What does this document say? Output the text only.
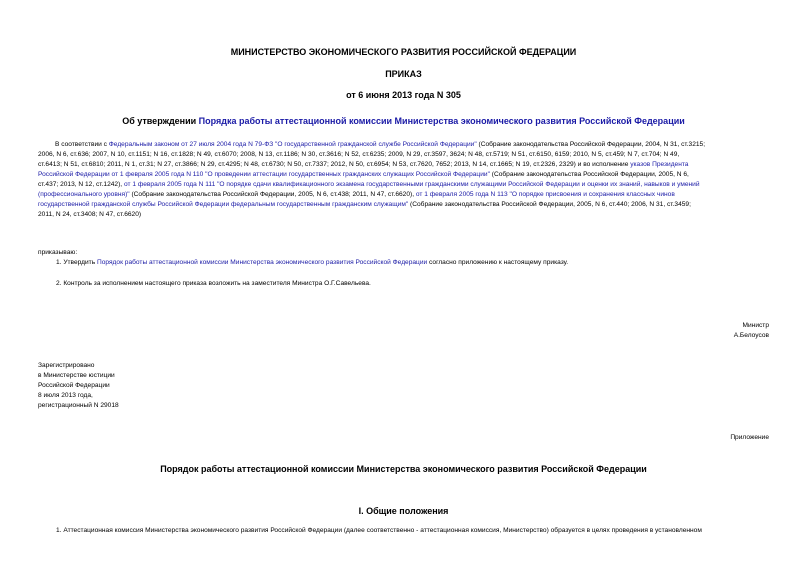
МИНИСТЕРСТВО ЭКОНОМИЧЕСКОГО РАЗВИТИЯ РОССИЙСКОЙ ФЕДЕРАЦИИ
ПРИКАЗ
от 6 июня 2013 года N 305
Об утверждении Порядка работы аттестационной комиссии Министерства экономического развития Российской Федерации
В соответствии с Федеральным законом от 27 июля 2004 года N 79-ФЗ "О государственной гражданской службе Российской Федерации" (Собрание законодательства Российской Федерации, 2004, N 31, ст.3215;
2006, N 6, ст.636; 2007, N 10, ст.1151; N 16, ст.1828; N 49, ст.6070; 2008, N 13, ст.1186; N 30, ст.3616; N 52, ст.6235; 2009, N 29, ст.3597, 3624; N 48, ст.5719; N 51, ст.6150, 6159; 2010, N 5, ст.459; N 7, ст.704; N 49,
ст.6413; N 51, ст.6810; 2011, N 1, ст.31; N 27, ст.3866; N 29, ст.4295; N 48, ст.6730; N 50, ст.7337; 2012, N 50, ст.6954; N 53, ст.7620, 7652; 2013, N 14, ст.1665; N 19, ст.2326, 2329) и во исполнение указов Президента
Российской Федерации от 1 февраля 2005 года N 110 "О проведении аттестации государственных гражданских служащих Российской Федерации" (Собрание законодательства Российской Федерации, 2005, N 6,
ст.437; 2013, N 12, ст.1242), от 1 февраля 2005 года N 111 "О порядке сдачи квалификационного экзамена государственными гражданскими служащими Российской Федерации и оценки их знаний, навыков и умений
(профессионального уровня)" (Собрание законодательства Российской Федерации, 2005, N 6, ст.438; 2011, N 47, ст.6620), от 1 февраля 2005 года N 113 "О порядке присвоения и сохранения классных чинов
государственной гражданской службы Российской Федерации федеральным государственным гражданским служащим" (Собрание законодательства Российской Федерации, 2005, N 6, ст.440; 2006, N 31, ст.3459;
2011, N 24, ст.3408; N 47, ст.6620)
приказываю:
1. Утвердить Порядок работы аттестационной комиссии Министерства экономического развития Российской Федерации согласно приложению к настоящему приказу.
2. Контроль за исполнением настоящего приказа возложить на заместителя Министра О.Г.Савельева.
Министр
А.Белоусов
Зарегистрировано
в Министерстве юстиции
Российской Федерации
8 июля 2013 года,
регистрационный N 29018
Приложение
Порядок работы аттестационной комиссии Министерства экономического развития Российской Федерации
I. Общие положения
1. Аттестационная комиссия Министерства экономического развития Российской Федерации (далее соответственно - аттестационная комиссия, Министерство) образуется в целях проведения в установленном
